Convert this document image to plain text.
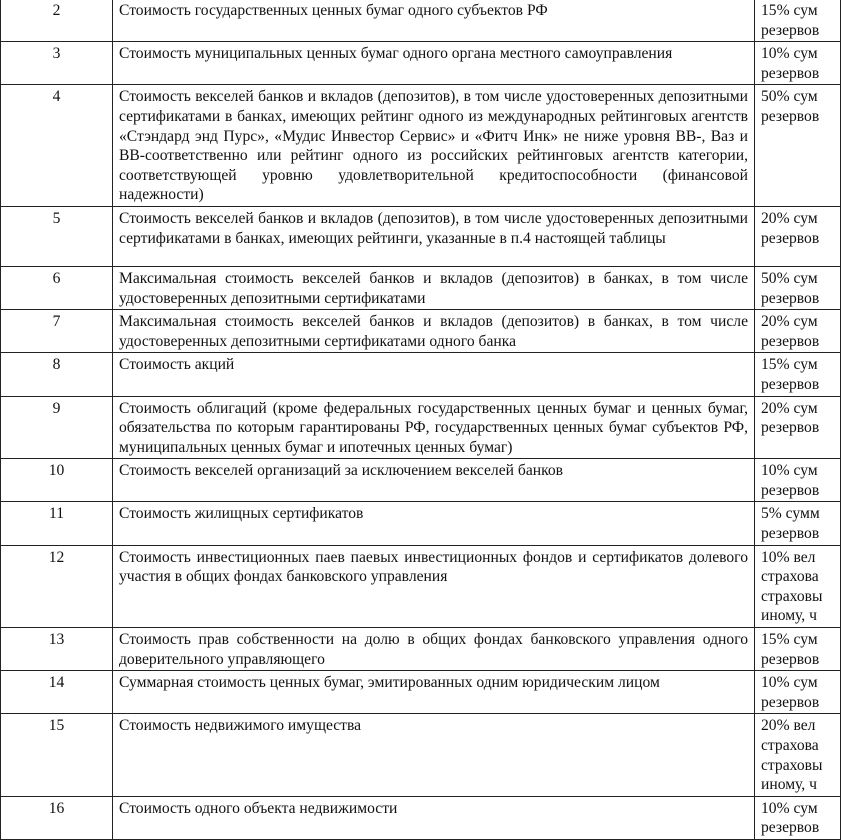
2	Стоимость государственных ценных бумаг одного субъектов РФ	15% сум
резервов

3	Стоимость муниципальных ценных бумаг одного органа местного самоуправления	10% сум
резервов

4	Стоимость векселей банков и вкладов (депозитов), в том числе удостоверенных депозитными сертификатами в банках, имеющих рейтинг одного из международных рейтинговых агентств «Стэндард энд Пурс», «Мудис Инвестор Сервис» и «Фитч Инк» не ниже уровня ВВ-, Ваз и ВВ-соответственно или рейтинг одного из российских рейтинговых агентств категории, соответствующей уровню удовлетворительной кредитоспособности (финансовой надежности)	50% сум
резервов

5	Стоимость векселей банков и вкладов (депозитов), в том числе удостоверенных депозитными сертификатами в банках, имеющих рейтинги, указанные в п.4 настоящей таблицы	20% сум
резервов

6	Максимальная стоимость векселей банков и вкладов (депозитов) в банках, в том числе удостоверенных депозитными сертификатами	50% сум
резервов

7	Максимальная стоимость векселей банков и вкладов (депозитов) в банках, в том числе удостоверенных депозитными сертификатами одного банка	20% сум
резервов

8	Стоимость акций	15% сум
резервов

9	Стоимость облигаций (кроме федеральных государственных ценных бумаг и ценных бумаг, обязательства по которым гарантированы РФ, государственных ценных бумаг субъектов РФ, муниципальных ценных бумаг и ипотечных ценных бумаг)	20% сум
резервов

10	Стоимость векселей организаций за исключением векселей банков	10% сум
резервов

11	Стоимость жилищных сертификатов	5% сумм
резервов

12	Стоимость инвестиционных паев паевых инвестиционных фондов и сертификатов долевого участия в общих фондах банковского управления	10% вел
страхова
страховы
иному, ч

13	Стоимость прав собственности на долю в общих фондах банковского управления одного доверительного управляющего	15% сум
резервов

14	Суммарная стоимость ценных бумаг, эмитированных одним юридическим лицом	10% сум
резервов

15	Стоимость недвижимого имущества	20% вел
страхова
страховы
иному, ч

16	Стоимость одного объекта недвижимости	10% сум
резервов
